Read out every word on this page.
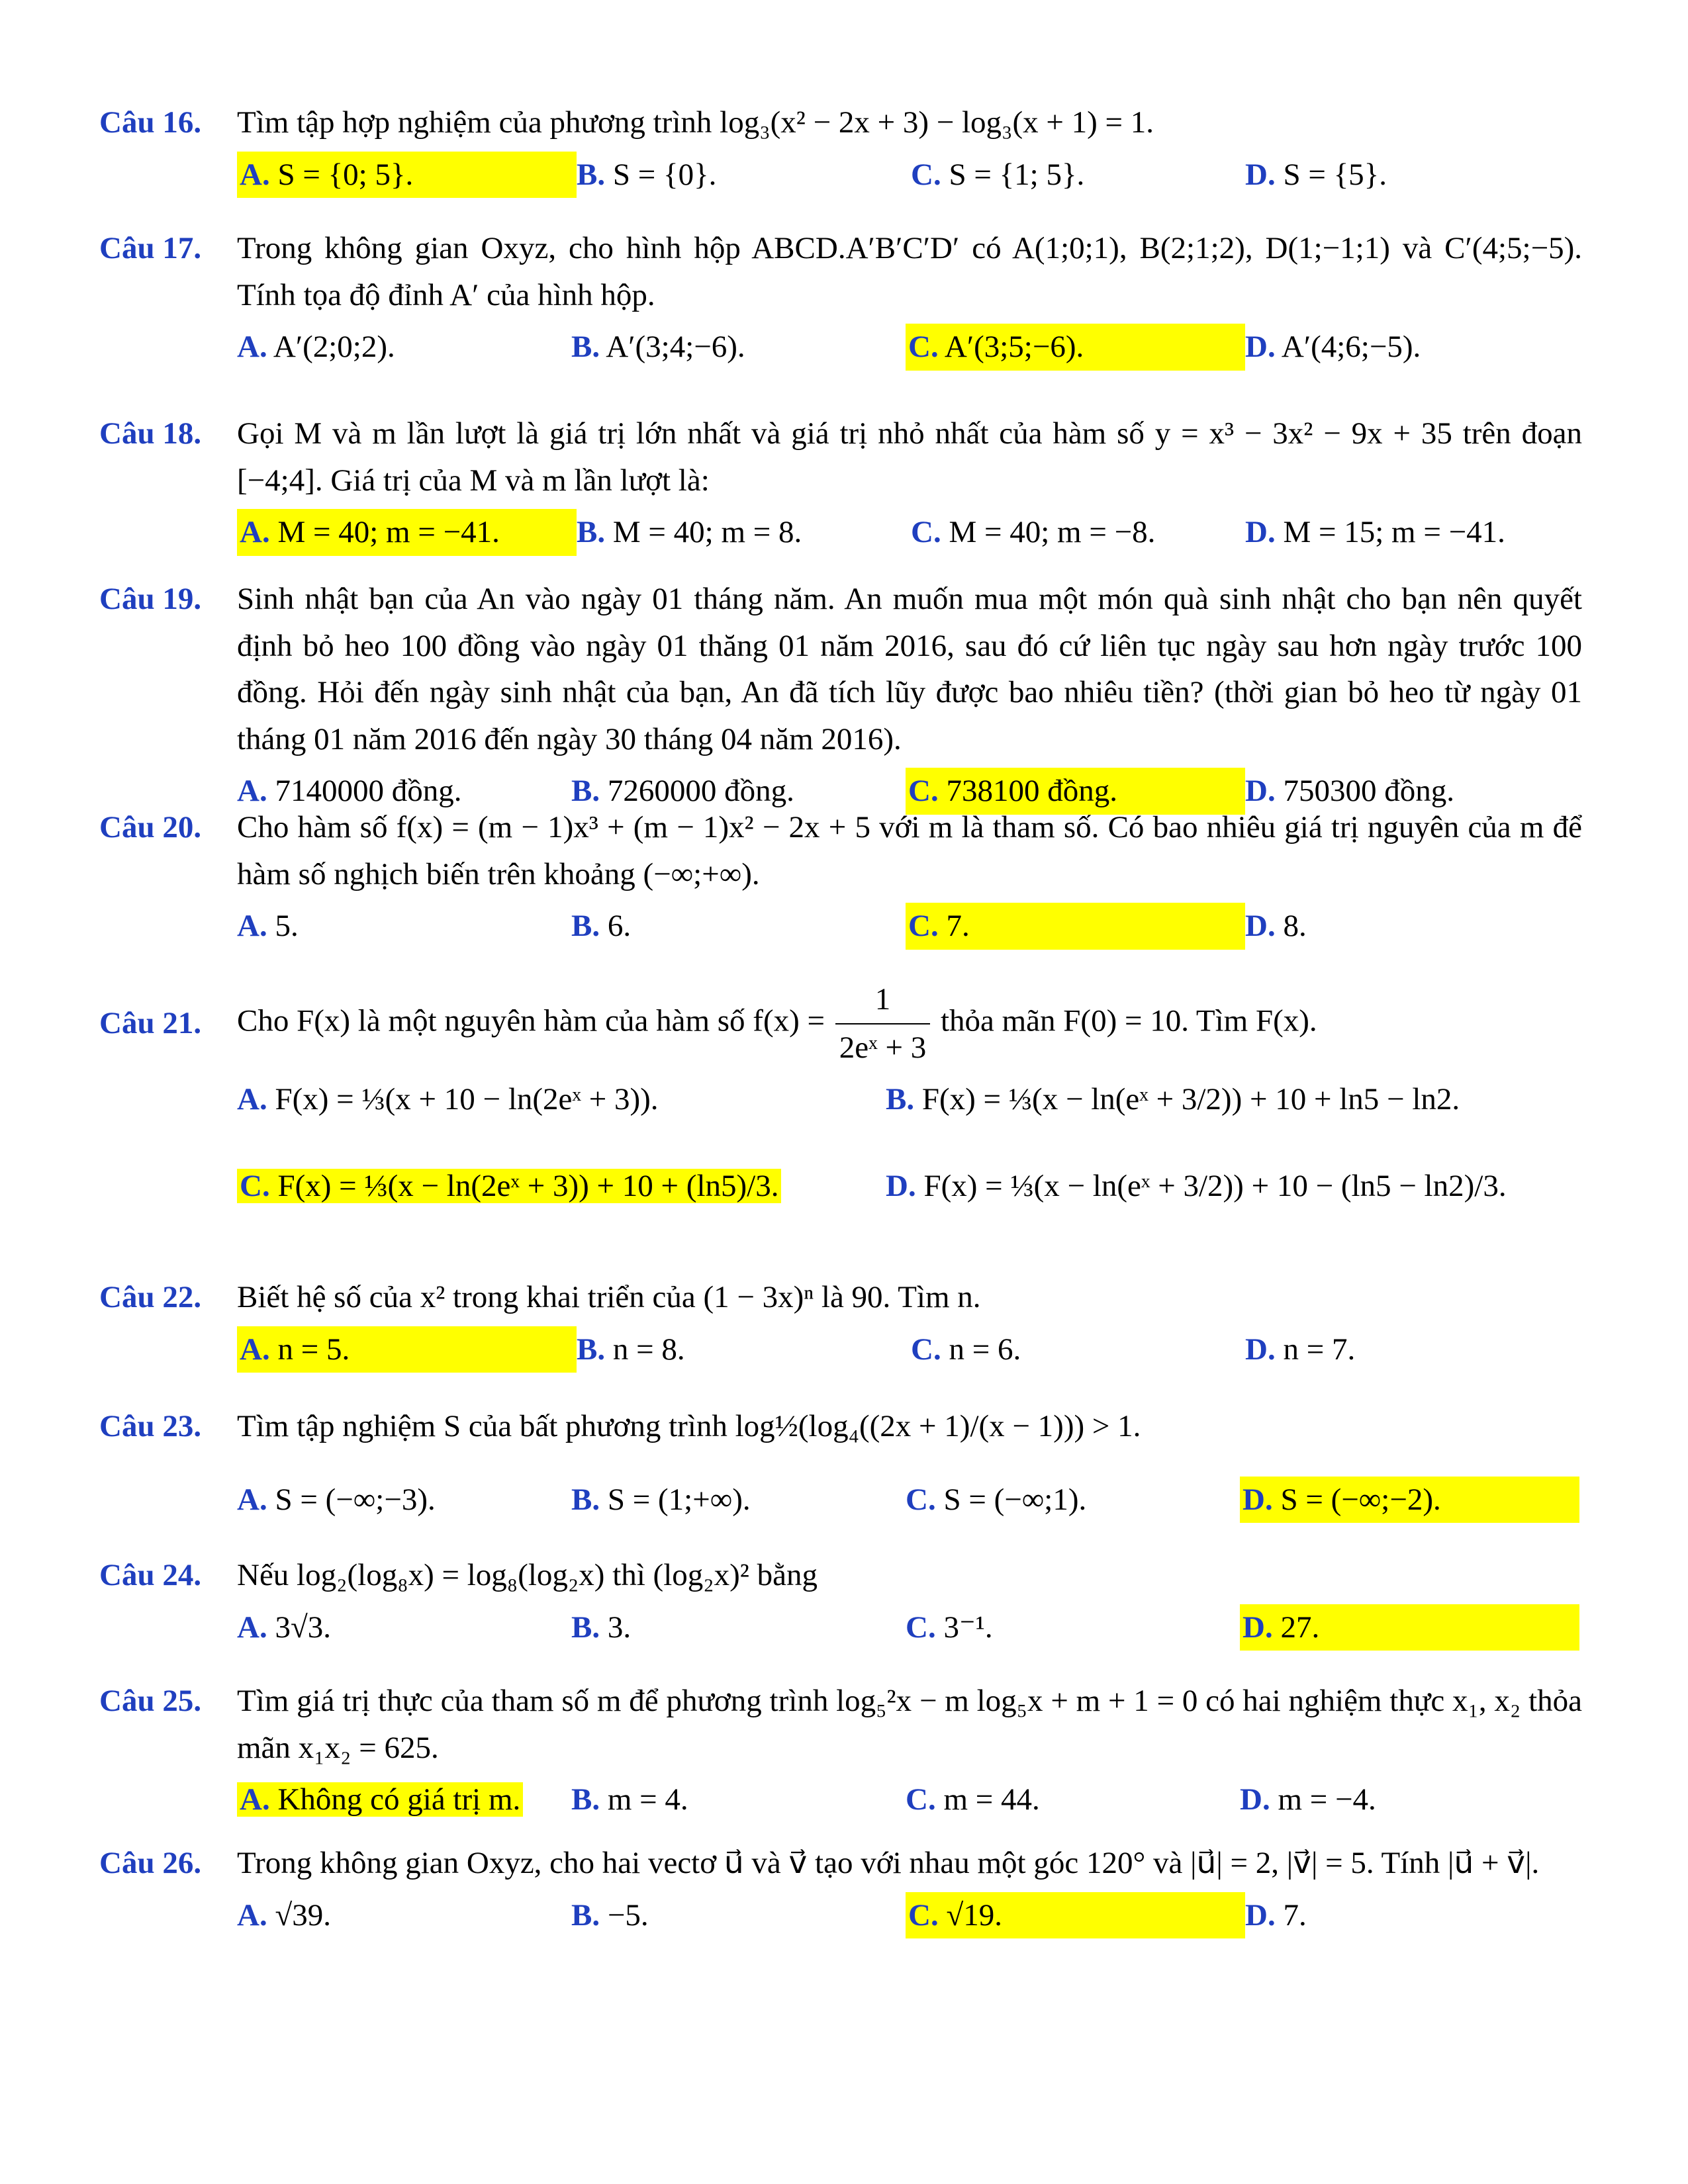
Câu 16.	Tìm tập hợp nghiệm của phương trình log₃(x² − 2x + 3) − log₃(x + 1) = 1.
A. S = {0; 5}.	B. S = {0}.	C. S = {1; 5}.	D. S = {5}.
Câu 17.	Trong không gian Oxyz, cho hình hộp ABCD.A′B′C′D′ có A(1;0;1), B(2;1;2), D(1;−1;1) và C′(4;5;−5). Tính tọa độ đỉnh A′ của hình hộp.
A. A′(2;0;2).	B. A′(3;4;−6).	C. A′(3;5;−6).	D. A′(4;6;−5).
Câu 18.	Gọi M và m lần lượt là giá trị lớn nhất và giá trị nhỏ nhất của hàm số y = x³ − 3x² − 9x + 35 trên đoạn [−4;4]. Giá trị của M và m lần lượt là:
A. M = 40; m = −41.	B. M = 40; m = 8.	C. M = 40; m = −8.	D. M = 15; m = −41.
Câu 19.	Sinh nhật bạn của An vào ngày 01 tháng năm. An muốn mua một món quà sinh nhật cho bạn nên quyết định bỏ heo 100 đồng vào ngày 01 thăng 01 năm 2016, sau đó cứ liên tục ngày sau hơn ngày trước 100 đồng. Hỏi đến ngày sinh nhật của bạn, An đã tích lũy được bao nhiêu tiền? (thời gian bỏ heo từ ngày 01 tháng 01 năm 2016 đến ngày 30 tháng 04 năm 2016).
A. 7140000 đồng.	B. 7260000 đồng.	C. 738100 đồng.	D. 750300 đồng.
Câu 20.	Cho hàm số f(x) = (m − 1)x³ + (m − 1)x² − 2x + 5 với m là tham số. Có bao nhiêu giá trị nguyên của m để hàm số nghịch biến trên khoảng (−∞;+∞).
A. 5.	B. 6.	C. 7.	D. 8.
Câu 21.	Cho F(x) là một nguyên hàm của hàm số $f(x) = \frac{1}{\text{2eˣ + 3}}$ thỏa mãn F(0) = 10. Tìm F(x).
A. F(x) = ⅓(x + 10 − ln(2eˣ + 3)).	B. F(x) = ⅓(x − ln(eˣ + 3/2)) + 10 + ln5 − ln2.
C. F(x) = ⅓(x − ln(2eˣ + 3)) + 10 + (ln5)/3.	D. F(x) = ⅓(x − ln(eˣ + 3/2)) + 10 − (ln5 − ln2)/3.
Câu 22.	Biết hệ số của x² trong khai triển của (1 − 3x)ⁿ là 90. Tìm n.
A. n = 5.	B. n = 8.	C. n = 6.	D. n = 7.
Câu 23.	Tìm tập nghiệm S của bất phương trình log½(log₄((2x + 1)/(x − 1))) > 1.
A. S = (−∞;−3).	B. S = (1;+∞).	C. S = (−∞;1).	D. S = (−∞;−2).
Câu 24.	Nếu log₂(log₈x) = log₈(log₂x) thì (log₂x)² bằng
A. 3√3.	B. 3.	C. 3⁻¹.	D. 27.
Câu 25.	Tìm giá trị thực của tham số m để phương trình log₅²x − m log₅x + m + 1 = 0 có hai nghiệm thực x₁, x₂ thỏa mãn x₁x₂ = 625.
A. Không có giá trị m.	B. m = 4.	C. m = 44.	D. m = −4.
Câu 26.	Trong không gian Oxyz, cho hai vectơ u⃗ và v⃗ tạo với nhau một góc 120° và |u⃗| = 2, |v⃗| = 5. Tính |u⃗ + v⃗|.
A. √39.	B. −5.	C. √19.	D. 7.
